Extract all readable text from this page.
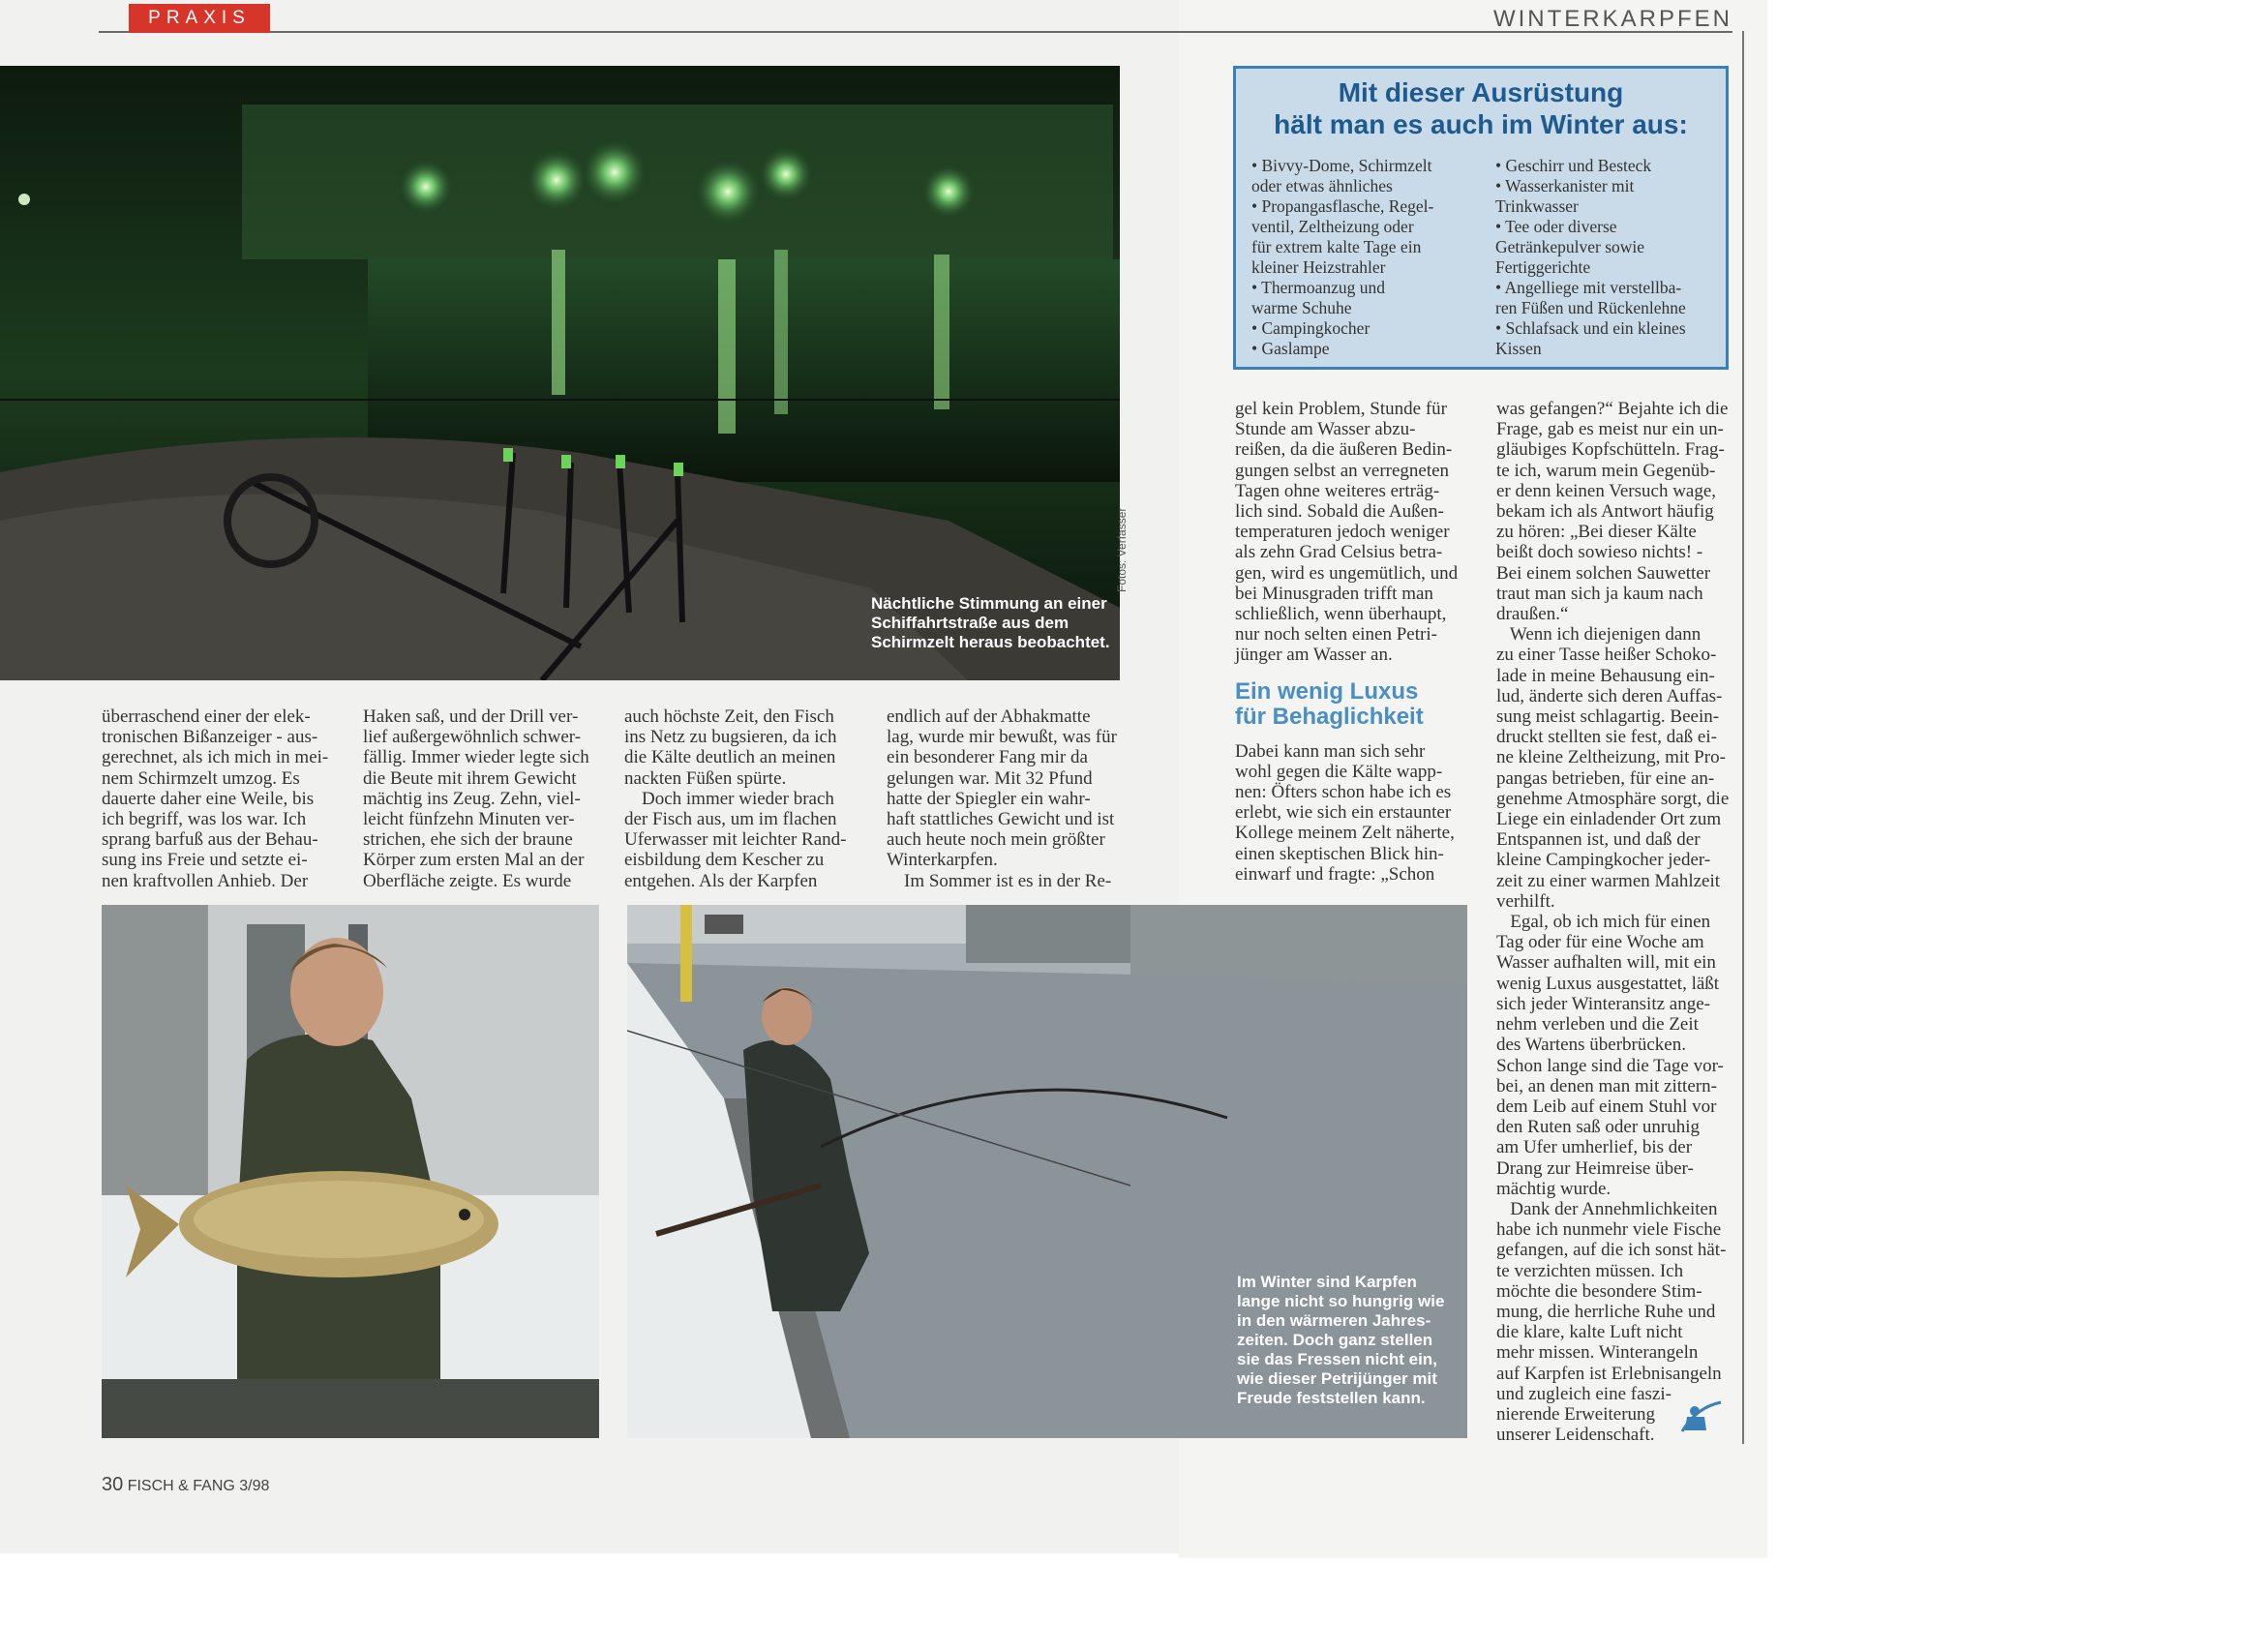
PRAXIS	WINTERKARPFEN
Nächtliche Stimmung an einer
Schiffahrtstraße aus dem
Schirmzelt heraus beobachtet.
Fotos: Verfasser
überraschend einer der elek-
tronischen Bißanzeiger - aus-
gerechnet, als ich mich in mei-
nem Schirmzelt umzog. Es
dauerte daher eine Weile, bis
ich begriff, was los war. Ich
sprang barfuß aus der Behau-
sung ins Freie und setzte ei-
nen kraftvollen Anhieb. Der
Haken saß, und der Drill ver-
lief außergewöhnlich schwer-
fällig. Immer wieder legte sich
die Beute mit ihrem Gewicht
mächtig ins Zeug. Zehn, viel-
leicht fünfzehn Minuten ver-
strichen, ehe sich der braune
Körper zum ersten Mal an der
Oberfläche zeigte. Es wurde
auch höchste Zeit, den Fisch
ins Netz zu bugsieren, da ich
die Kälte deutlich an meinen
nackten Füßen spürte.
Doch immer wieder brach
der Fisch aus, um im flachen
Uferwasser mit leichter Rand-
eisbildung dem Kescher zu
entgehen. Als der Karpfen
endlich auf der Abhakmatte
lag, wurde mir bewußt, was für
ein besonderer Fang mir da
gelungen war. Mit 32 Pfund
hatte der Spiegler ein wahr-
haft stattliches Gewicht und ist
auch heute noch mein größter
Winterkarpfen.
Im Sommer ist es in der Re-
Im Winter sind Karpfen
lange nicht so hungrig wie
in den wärmeren Jahres-
zeiten. Doch ganz stellen
sie das Fressen nicht ein,
wie dieser Petrijünger mit
Freude feststellen kann.
Mit dieser Ausrüstung
hält man es auch im Winter aus:
• Bivvy-Dome, Schirmzelt
oder etwas ähnliches
• Propangasflasche, Regel-
ventil, Zeltheizung oder
für extrem kalte Tage ein
kleiner Heizstrahler
• Thermoanzug und
warme Schuhe
• Campingkocher
• Gaslampe
• Geschirr und Besteck
• Wasserkanister mit
Trinkwasser
• Tee oder diverse
Getränkepulver sowie
Fertiggerichte
• Angelliege mit verstellba-
ren Füßen und Rückenlehne
• Schlafsack und ein kleines
Kissen
gel kein Problem, Stunde für
Stunde am Wasser abzu-
reißen, da die äußeren Bedin-
gungen selbst an verregneten
Tagen ohne weiteres erträg-
lich sind. Sobald die Außen-
temperaturen jedoch weniger
als zehn Grad Celsius betra-
gen, wird es ungemütlich, und
bei Minusgraden trifft man
schließlich, wenn überhaupt,
nur noch selten einen Petri-
jünger am Wasser an.
Ein wenig Luxus
für Behaglichkeit
Dabei kann man sich sehr
wohl gegen die Kälte wapp-
nen: Öfters schon habe ich es
erlebt, wie sich ein erstaunter
Kollege meinem Zelt näherte,
einen skeptischen Blick hin-
einwarf und fragte: „Schon
was gefangen?“ Bejahte ich die
Frage, gab es meist nur ein un-
gläubiges Kopfschütteln. Frag-
te ich, warum mein Gegenüb-
er denn keinen Versuch wage,
bekam ich als Antwort häufig
zu hören: „Bei dieser Kälte
beißt doch sowieso nichts! -
Bei einem solchen Sauwetter
traut man sich ja kaum nach
draußen.“
Wenn ich diejenigen dann
zu einer Tasse heißer Schoko-
lade in meine Behausung ein-
lud, änderte sich deren Auffas-
sung meist schlagartig. Beein-
druckt stellten sie fest, daß ei-
ne kleine Zeltheizung, mit Pro-
pangas betrieben, für eine an-
genehme Atmosphäre sorgt, die
Liege ein einladender Ort zum
Entspannen ist, und daß der
kleine Campingkocher jeder-
zeit zu einer warmen Mahlzeit
verhilft.
Egal, ob ich mich für einen
Tag oder für eine Woche am
Wasser aufhalten will, mit ein
wenig Luxus ausgestattet, läßt
sich jeder Winteransitz ange-
nehm verleben und die Zeit
des Wartens überbrücken.
Schon lange sind die Tage vor-
bei, an denen man mit zittern-
dem Leib auf einem Stuhl vor
den Ruten saß oder unruhig
am Ufer umherlief, bis der
Drang zur Heimreise über-
mächtig wurde.
Dank der Annehmlichkeiten
habe ich nunmehr viele Fische
gefangen, auf die ich sonst hät-
te verzichten müssen. Ich
möchte die besondere Stim-
mung, die herrliche Ruhe und
die klare, kalte Luft nicht
mehr missen. Winterangeln
auf Karpfen ist Erlebnisangeln
und zugleich eine faszi-
nierende Erweiterung
unserer Leidenschaft.
30 FISCH & FANG 3/98
